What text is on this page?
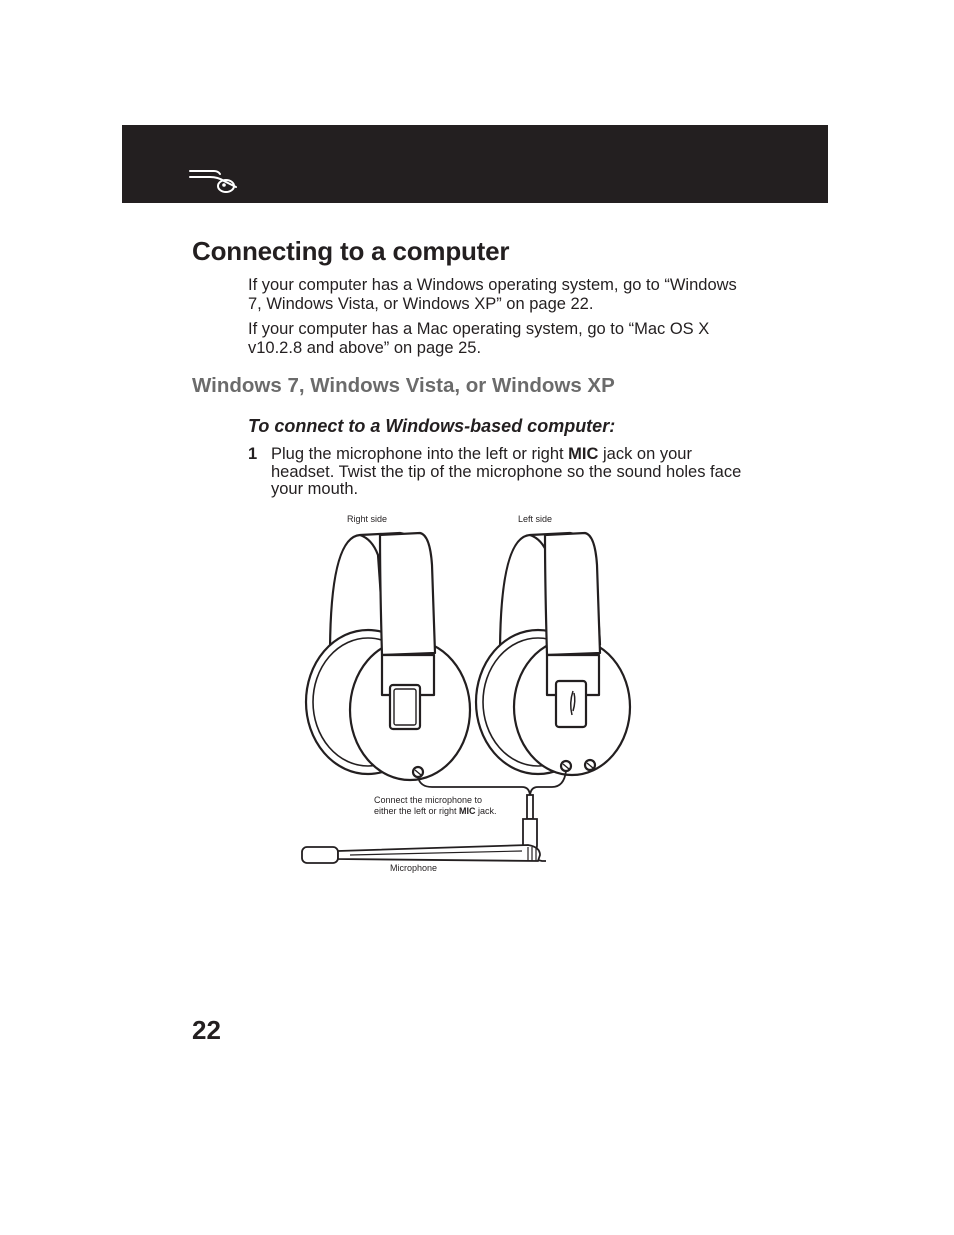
Connecting to a computer

If your computer has a Windows operating system, go to “Windows 7, Windows Vista, or Windows XP” on page 22.

If your computer has a Mac operating system, go to “Mac OS X v10.2.8 and above” on page 25.

Windows 7, Windows Vista, or Windows XP
To connect to a Windows-based computer:
1 Plug the microphone into the left or right MIC jack on your headset. Twist the tip of the microphone so the sound holes face your mouth.

Right side	Left side
Connect the microphone to
either the left or right MIC jack.
Microphone
22
